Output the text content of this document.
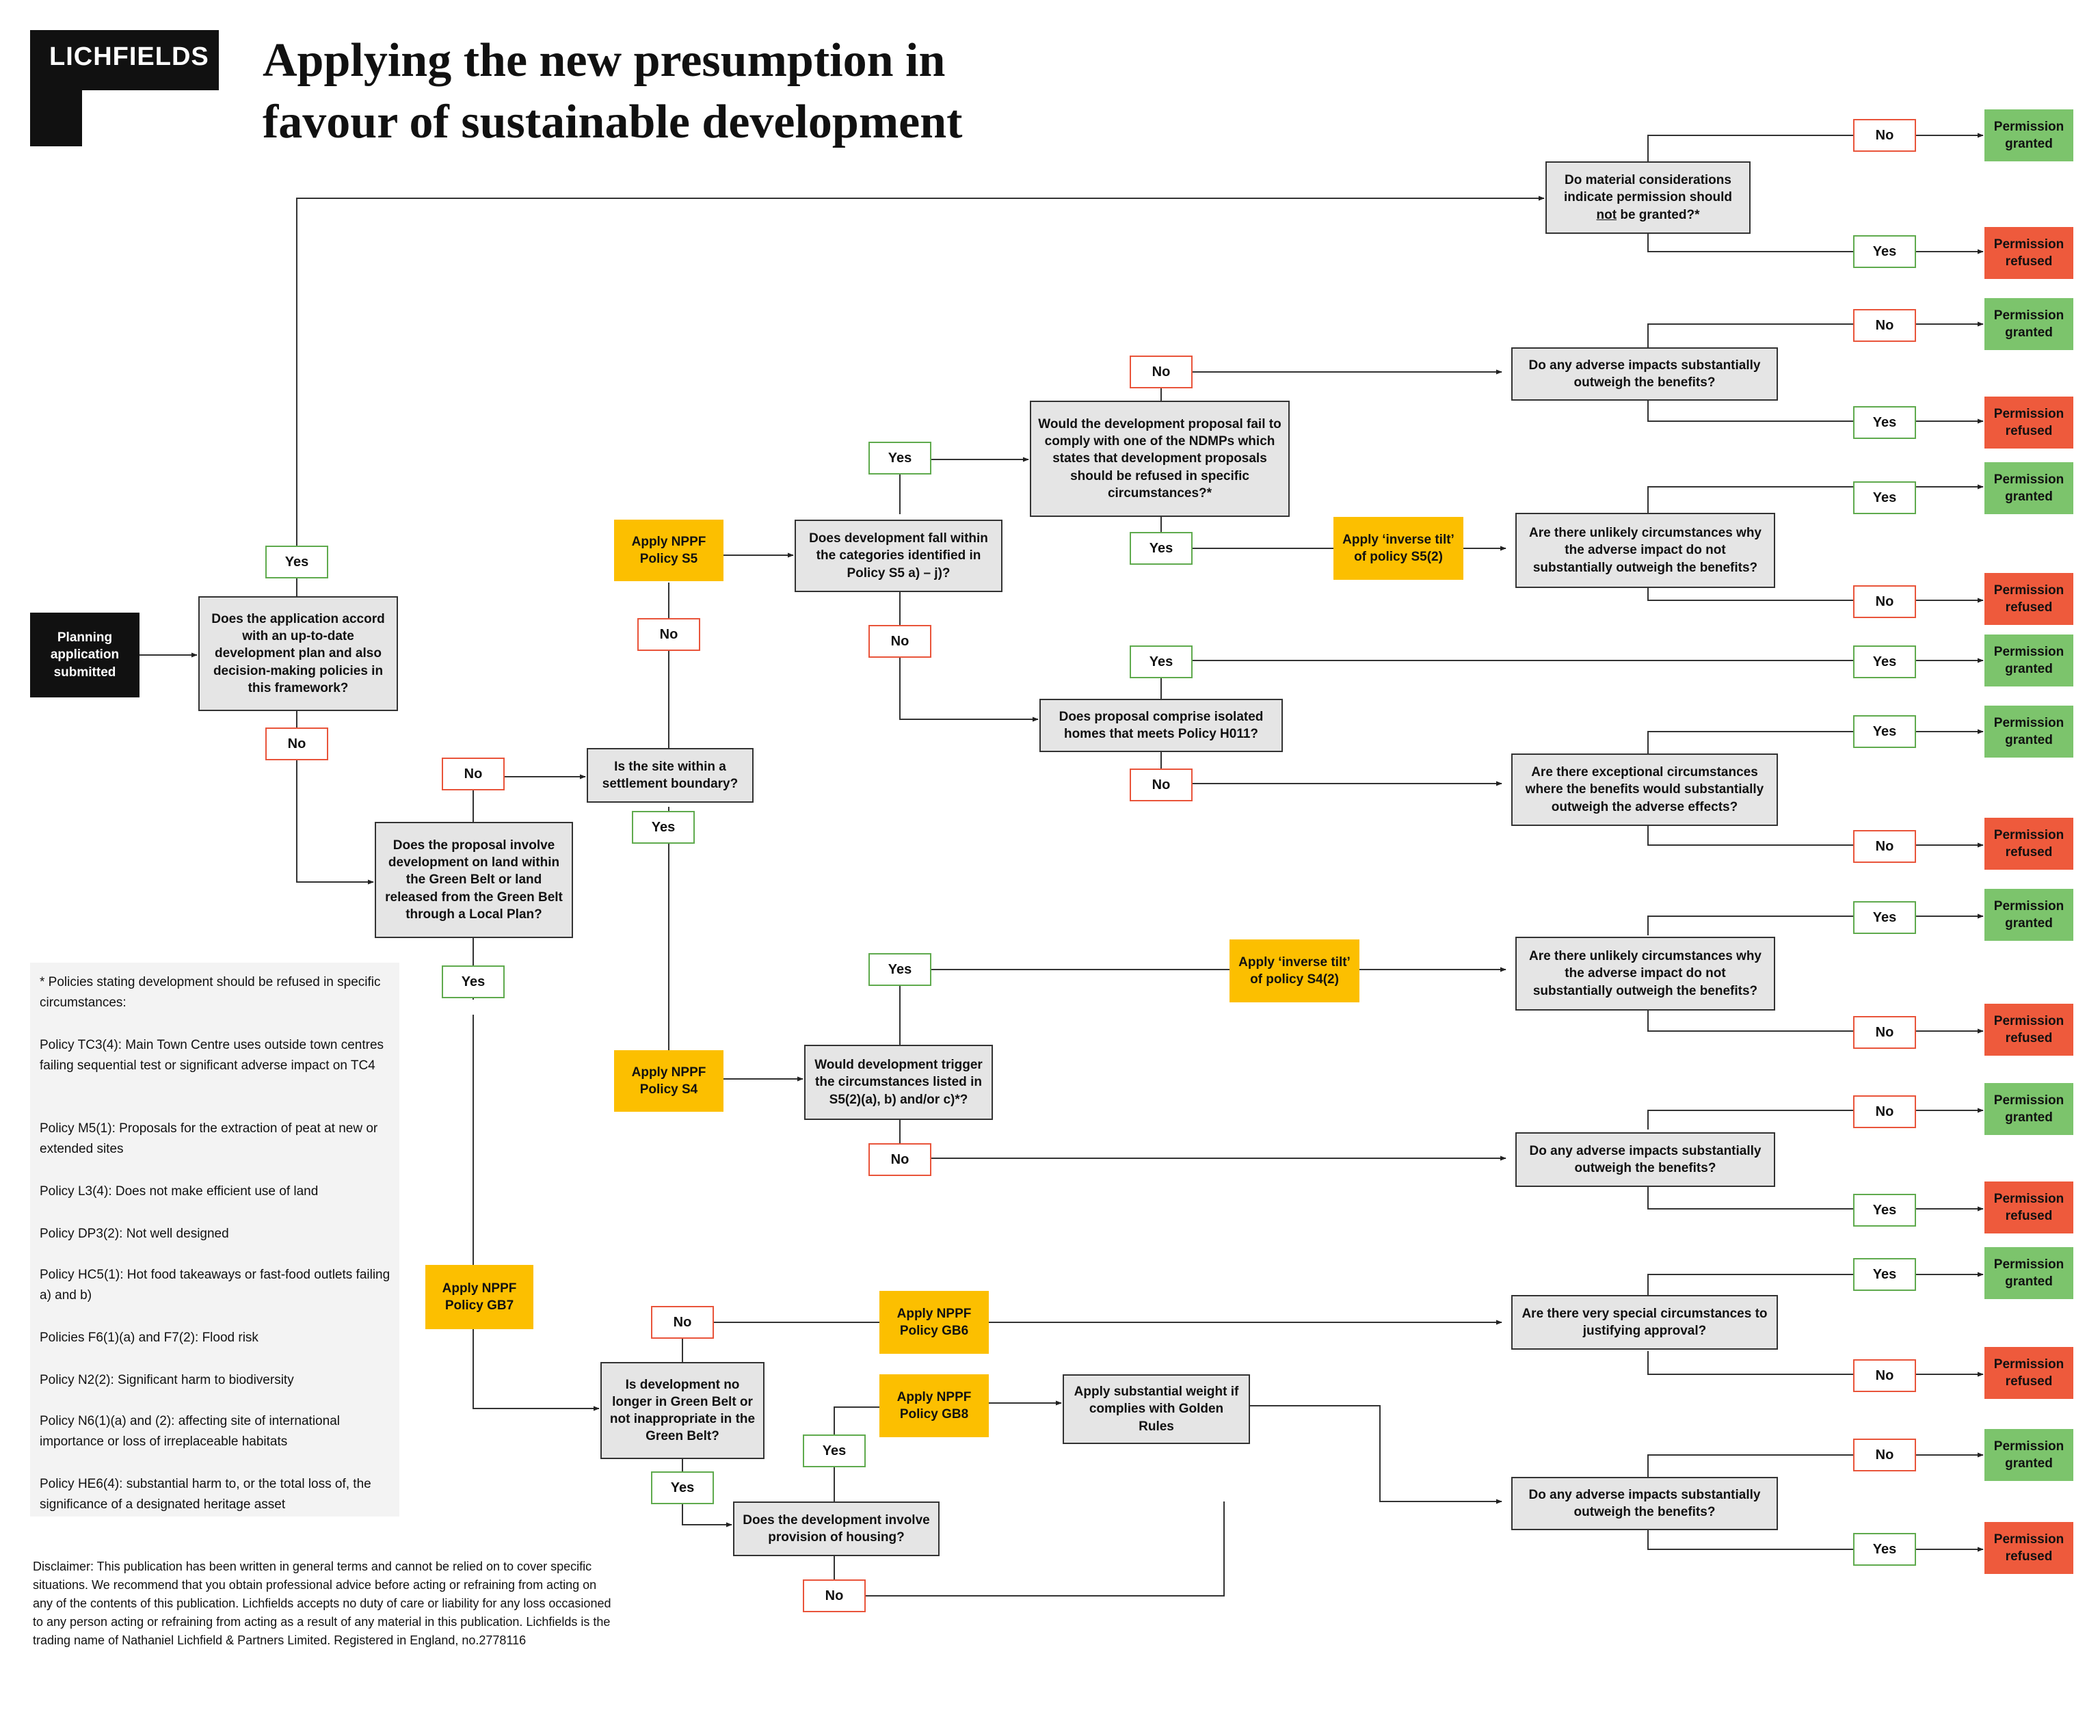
LICHFIELDS Applying the new presumption in
favour of sustainable development
Planning application submitted
Does the application accord with an up-to-date development plan and also decision-making policies in this framework?
Do material considerations indicate permission should not be granted?*
Does the proposal involve development on land within the Green Belt or land released from the Green Belt through a Local Plan?
Is the site within a settlement boundary?
Does development fall within the categories identified in Policy S5 a) – j)?
Would the development proposal fail to comply with one of the NDMPs which states that development proposals should be refused in specific circumstances?*
Do any adverse impacts substantially outweigh the benefits?
Are there unlikely circumstances why the adverse impact do not substantially outweigh the benefits?
Does proposal comprise isolated homes that meets Policy H011?
Are there exceptional circumstances where the benefits would substantially outweigh the adverse effects?
Would development trigger the circumstances listed in S5(2)(a), b) and/or c)*?
Are there unlikely circumstances why the adverse impact do not substantially outweigh the benefits?
Do any adverse impacts substantially outweigh the benefits?
Is development no longer in Green Belt or not inappropriate in the Green Belt?
Are there very special circumstances to justifying approval?
Does the development involve provision of housing?
Apply substantial weight if complies with Golden Rules
Do any adverse impacts substantially outweigh the benefits?
Apply NPPF Policy S5
Apply NPPF Policy S4
Apply NPPF Policy GB7
Apply NPPF Policy GB6
Apply NPPF Policy GB8
Apply ‘inverse tilt’ of policy S5(2)
Apply ‘inverse tilt’ of policy S4(2)
Yes
No
No
Yes
No
Yes
No
Yes
Yes
No
No
Yes
No
Yes
Yes
No
Yes	Yes
No
Yes
No
Yes
No
Yes
No
No
Yes
No
Yes
Yes
No
Yes
No
No
Yes
Permission granted
Permission refused
Permission granted
Permission refused
Permission granted
Permission refused
Permission granted
Permission granted
Permission refused
Permission granted
Permission refused
Permission granted
Permission refused
Permission granted
Permission refused
Permission granted
Permission refused
* Policies stating development should be refused in specific circumstances:
Policy TC3(4): Main Town Centre uses outside town centres failing sequential test or significant adverse impact on TC4
Policy M5(1): Proposals for the extraction of peat at new or extended sites
Policy L3(4): Does not make efficient use of land
Policy DP3(2): Not well designed
Policy HC5(1): Hot food takeaways or fast-food outlets failing a) and b)
Policies F6(1)(a) and F7(2): Flood risk
Policy N2(2): Significant harm to biodiversity
Policy N6(1)(a) and (2): affecting site of international importance or loss of irreplaceable habitats
Policy HE6(4): substantial harm to, or the total loss of, the significance of a designated heritage asset
Disclaimer: This publication has been written in general terms and cannot be relied on to cover specific situations. We recommend that you obtain professional advice before acting or refraining from acting on any of the contents of this publication. Lichfields accepts no duty of care or liability for any loss occasioned to any person acting or refraining from acting as a result of any material in this publication. Lichfields is the trading name of Nathaniel Lichfield & Partners Limited. Registered in England, no.2778116
